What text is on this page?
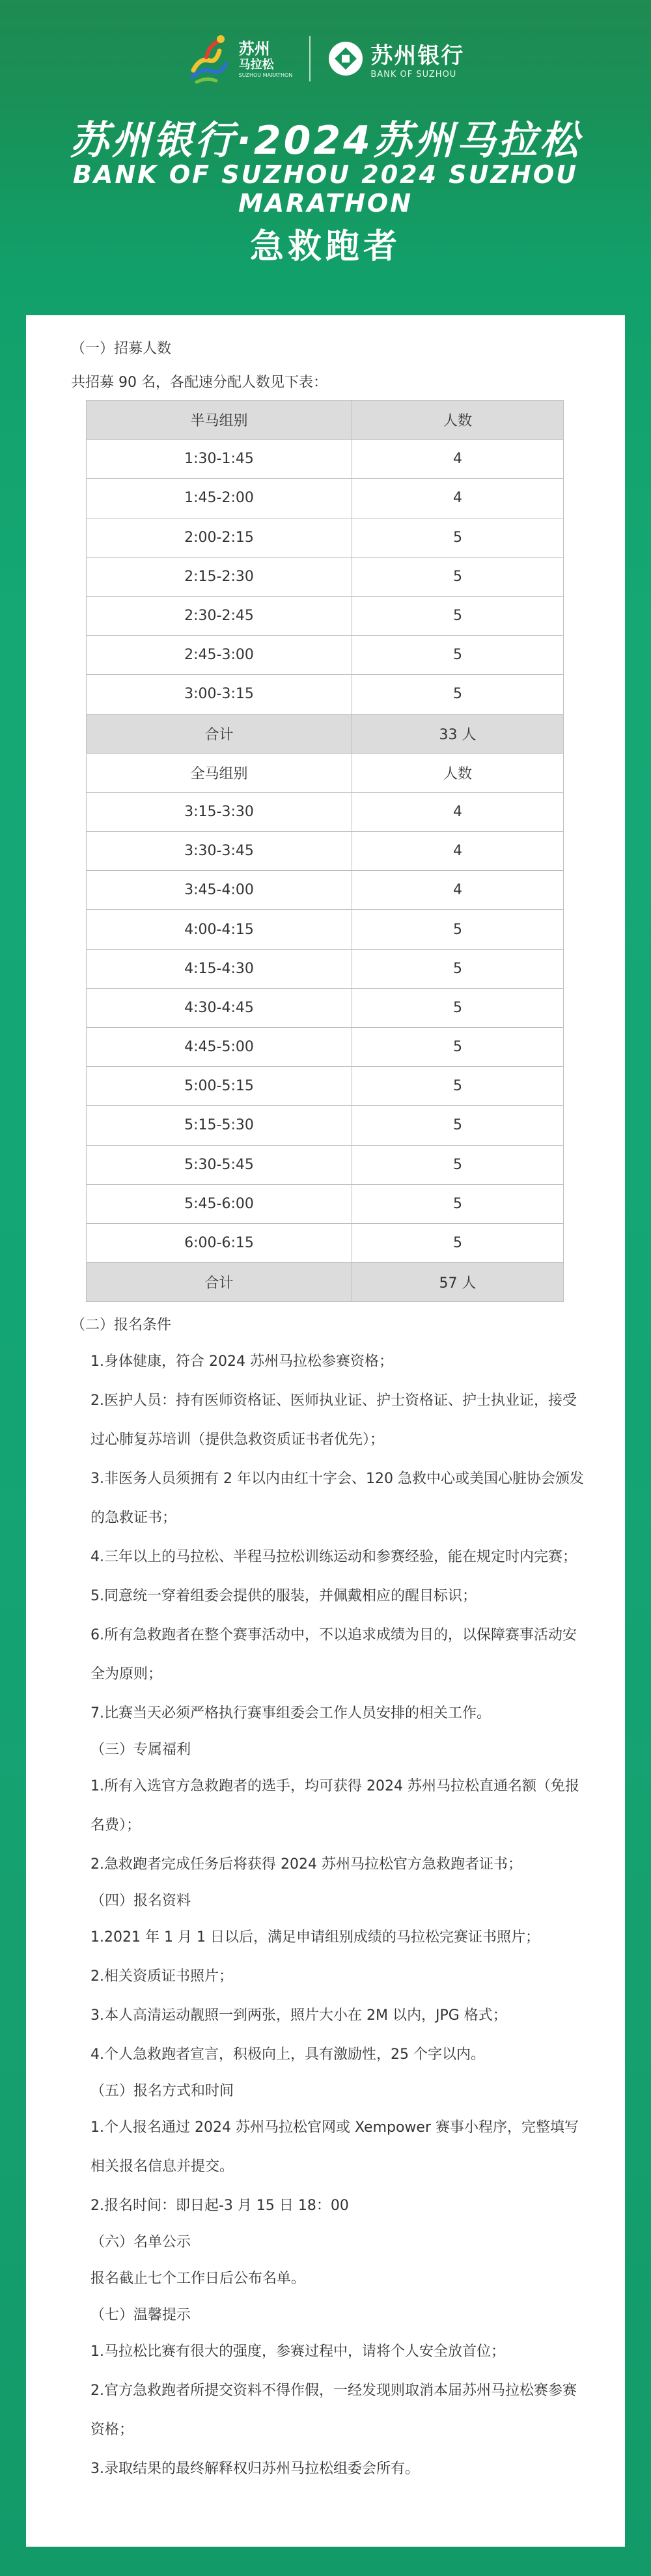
苏州
马拉松
SUZHOU MARATHON
苏州银行
BANK OF SUZHOU
苏州银行·2024苏州马拉松
BANK OF SUZHOU 2024 SUZHOU MARATHON
急救跑者
（一）招募人数
共招募 90 名，各配速分配人数见下表：
半马组别	人数
1:30-1:45	4
1:45-2:00	4
2:00-2:15	5
2:15-2:30	5
2:30-2:45	5
2:45-3:00	5
3:00-3:15	5
合计	33 人
全马组别	人数
3:15-3:30	4
3:30-3:45	4
3:45-4:00	4
4:00-4:15	5
4:15-4:30	5
4:30-4:45	5
4:45-5:00	5
5:00-5:15	5
5:15-5:30	5
5:30-5:45	5
5:45-6:00	5
6:00-6:15	5
合计	57 人
（二）报名条件
1.身体健康，符合 2024 苏州马拉松参赛资格；
2.医护人员：持有医师资格证、医师执业证、护士资格证、护士执业证，接受过心肺复苏培训（提供急救资质证书者优先）；
3.非医务人员须拥有 2 年以内由红十字会、120 急救中心或美国心脏协会颁发的急救证书；
4.三年以上的马拉松、半程马拉松训练运动和参赛经验，能在规定时内完赛；
5.同意统一穿着组委会提供的服装，并佩戴相应的醒目标识；
6.所有急救跑者在整个赛事活动中，不以追求成绩为目的，以保障赛事活动安全为原则；
7.比赛当天必须严格执行赛事组委会工作人员安排的相关工作。
（三）专属福利
1.所有入选官方急救跑者的选手，均可获得 2024 苏州马拉松直通名额（免报名费）；
2.急救跑者完成任务后将获得 2024 苏州马拉松官方急救跑者证书；
（四）报名资料
1.2021 年 1 月 1 日以后，满足申请组别成绩的马拉松完赛证书照片；
2.相关资质证书照片；
3.本人高清运动靓照一到两张，照片大小在 2M 以内，JPG 格式；
4.个人急救跑者宣言，积极向上，具有激励性，25 个字以内。
（五）报名方式和时间
1.个人报名通过 2024 苏州马拉松官网或 Xempower 赛事小程序，完整填写相关报名信息并提交。
2.报名时间：即日起-3 月 15 日 18：00
（六）名单公示
报名截止七个工作日后公布名单。
（七）温馨提示
1.马拉松比赛有很大的强度，参赛过程中，请将个人安全放首位；
2.官方急救跑者所提交资料不得作假，一经发现则取消本届苏州马拉松赛参赛资格；
3.录取结果的最终解释权归苏州马拉松组委会所有。
